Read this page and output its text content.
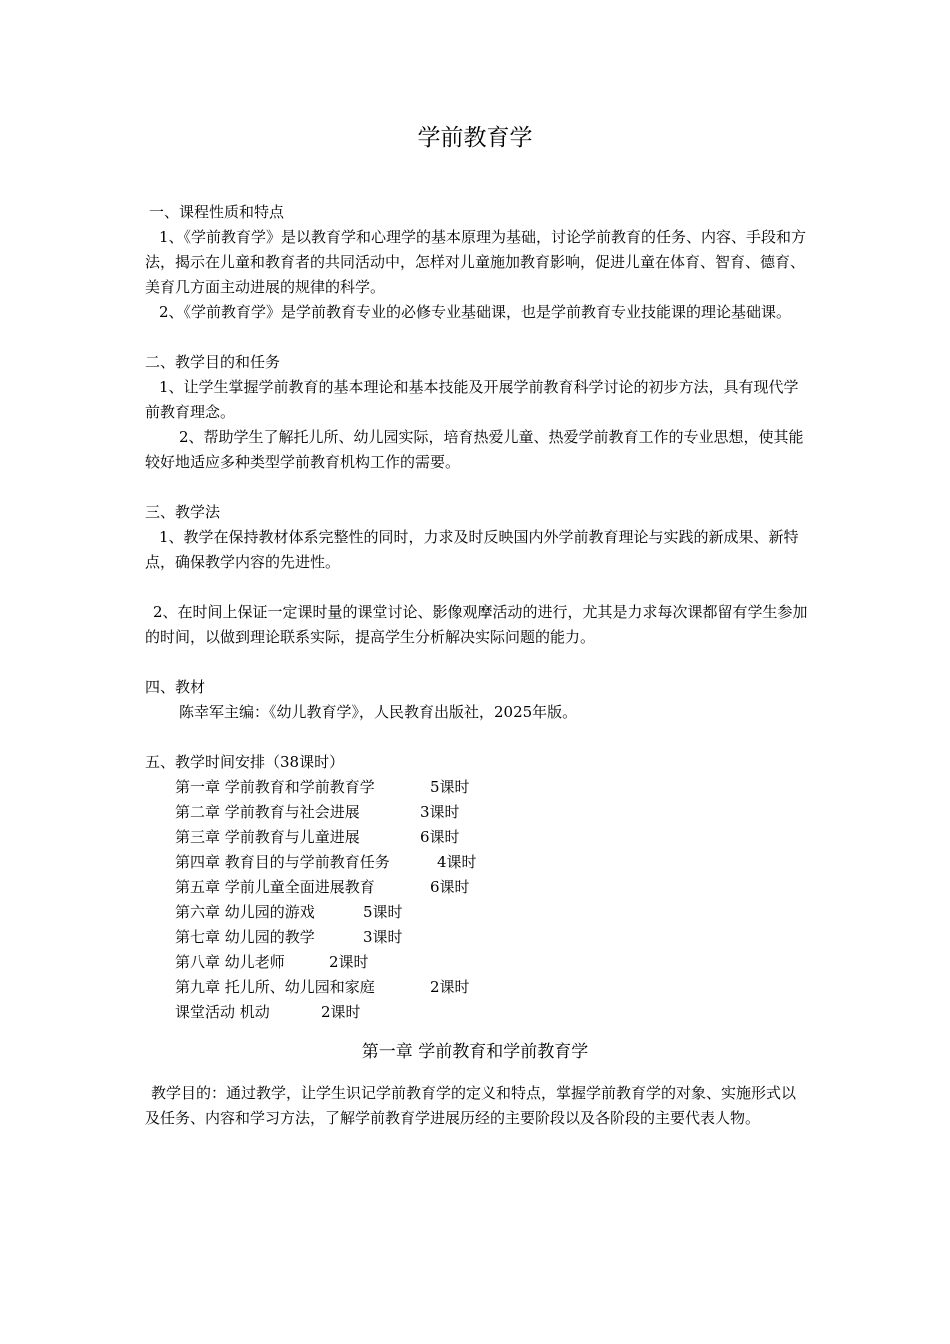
学前教育学

一、课程性质和特点

1、《学前教育学》是以教育学和心理学的基本原理为基础，讨论学前教育的任务、内容、手段和方法，揭示在儿童和教育者的共同活动中，怎样对儿童施加教育影响，促进儿童在体育、智育、德育、美育几方面主动进展的规律的科学。

2、《学前教育学》是学前教育专业的必修专业基础课，也是学前教育专业技能课的理论基础课。

二、教学目的和任务

1、让学生掌握学前教育的基本理论和基本技能及开展学前教育科学讨论的初步方法，具有现代学前教育理念。

2、帮助学生了解托儿所、幼儿园实际，培育热爱儿童、热爱学前教育工作的专业思想，使其能较好地适应多种类型学前教育机构工作的需要。

三、教学法

1、教学在保持教材体系完整性的同时，力求及时反映国内外学前教育理论与实践的新成果、新特点，确保教学内容的先进性。

2、在时间上保证一定课时量的课堂讨论、影像观摩活动的进行，尤其是力求每次课都留有学生参加的时间，以做到理论联系实际，提高学生分析解决实际问题的能力。

四、教材

陈幸军主编：《幼儿教育学》，人民教育出版社，2025年版。

五、教学时间安排（38课时）

第一章 学前教育和学前教育学	5课时
第二章 学前教育与社会进展	3课时
第三章 学前教育与儿童进展	6课时
第四章 教育目的与学前教育任务	4课时
第五章 学前儿童全面进展教育	6课时
第六章 幼儿园的游戏	5课时
第七章 幼儿园的教学	3课时
第八章 幼儿老师	2课时
第九章 托儿所、幼儿园和家庭	2课时
课堂活动 机动	2课时
第一章 学前教育和学前教育学

教学目的：通过教学，让学生识记学前教育学的定义和特点，掌握学前教育学的对象、实施形式以及任务、内容和学习方法，了解学前教育学进展历经的主要阶段以及各阶段的主要代表人物。
